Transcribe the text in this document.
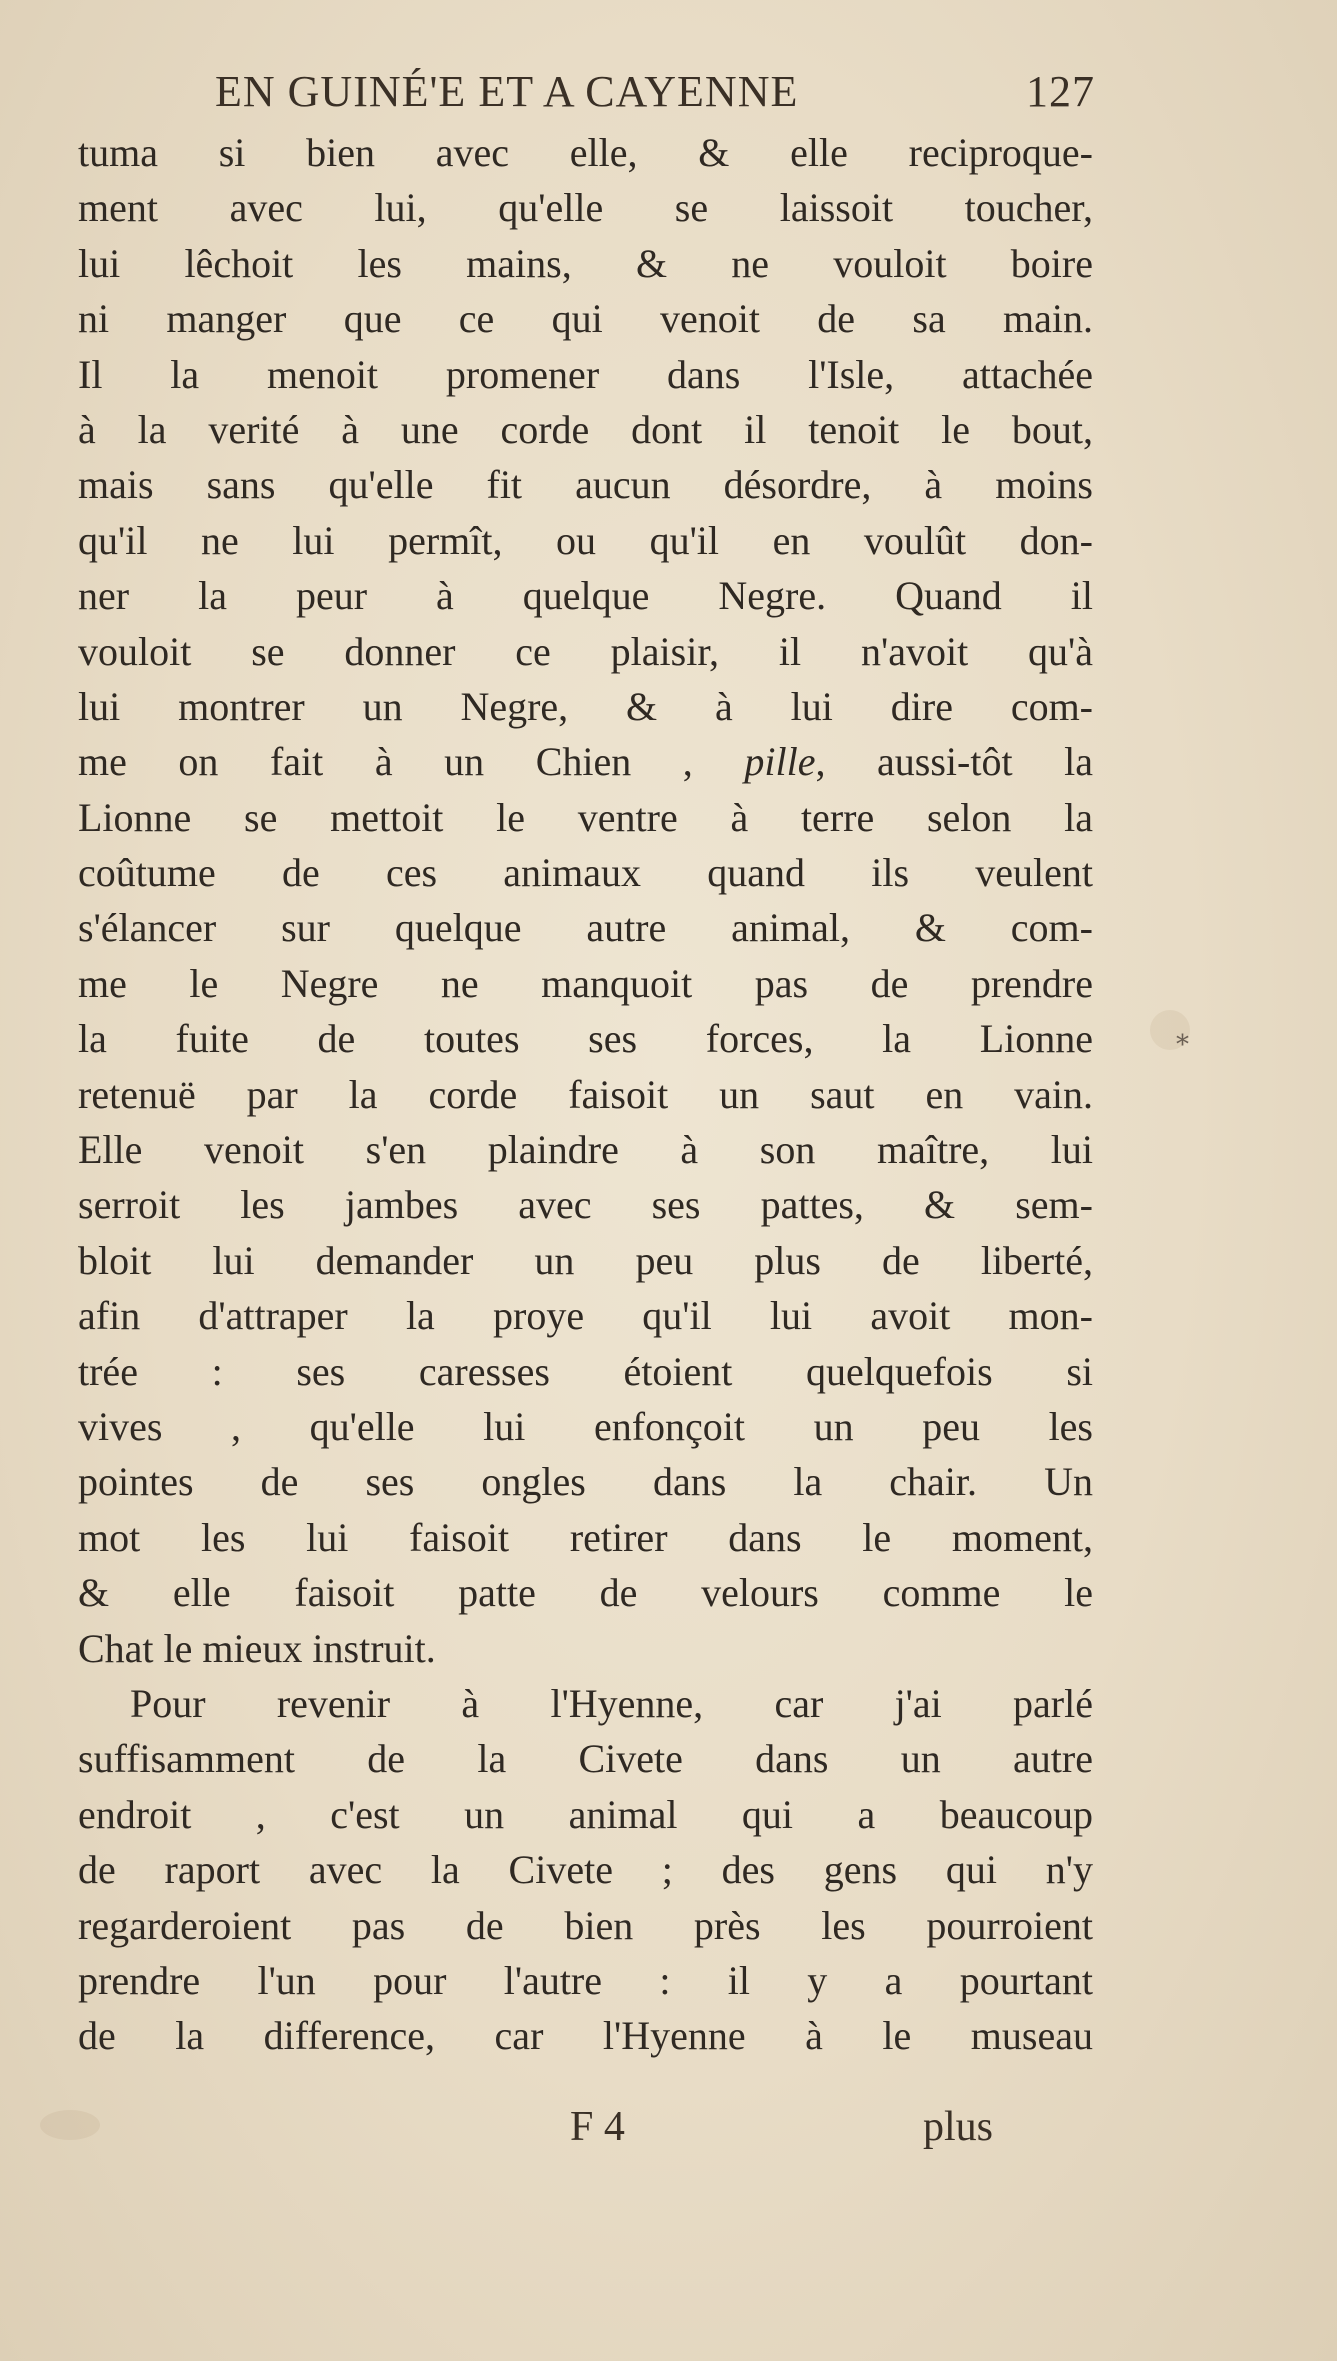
EN GUINÉ'E ET A CAYENNE	127
tuma si bien avec elle, & elle reciproque-
ment avec lui, qu'elle se laissoit toucher,
lui lêchoit les mains, & ne vouloit boire
ni manger que ce qui venoit de sa main.
Il la menoit promener dans l'Isle, attachée
à la verité à une corde dont il tenoit le bout,
mais sans qu'elle fit aucun désordre, à moins
qu'il ne lui permît, ou qu'il en voulût don-
ner la peur à quelque Negre. Quand il
vouloit se donner ce plaisir, il n'avoit qu'à
lui montrer un Negre, & à lui dire com-
me on fait à un Chien , pille, aussi-tôt la
Lionne se mettoit le ventre à terre selon la
coûtume de ces animaux quand ils veulent
s'élancer sur quelque autre animal, & com-
me le Negre ne manquoit pas de prendre
la fuite de toutes ses forces, la Lionne
retenuë par la corde faisoit un saut en vain.
Elle venoit s'en plaindre à son maître, lui
serroit les jambes avec ses pattes, & sem-
bloit lui demander un peu plus de liberté,
afin d'attraper la proye qu'il lui avoit mon-
trée : ses caresses étoient quelquefois si
vives , qu'elle lui enfonçoit un peu les
pointes de ses ongles dans la chair. Un
mot les lui faisoit retirer dans le moment,
& elle faisoit patte de velours comme le
Chat le mieux instruit.
Pour revenir à l'Hyenne, car j'ai parlé
suffisamment de la Civete dans un autre
endroit , c'est un animal qui a beaucoup
de raport avec la Civete ; des gens qui n'y
regarderoient pas de bien près les pourroient
prendre l'un pour l'autre : il y a pourtant
de la difference, car l'Hyenne à le museau
*
F 4	plus
